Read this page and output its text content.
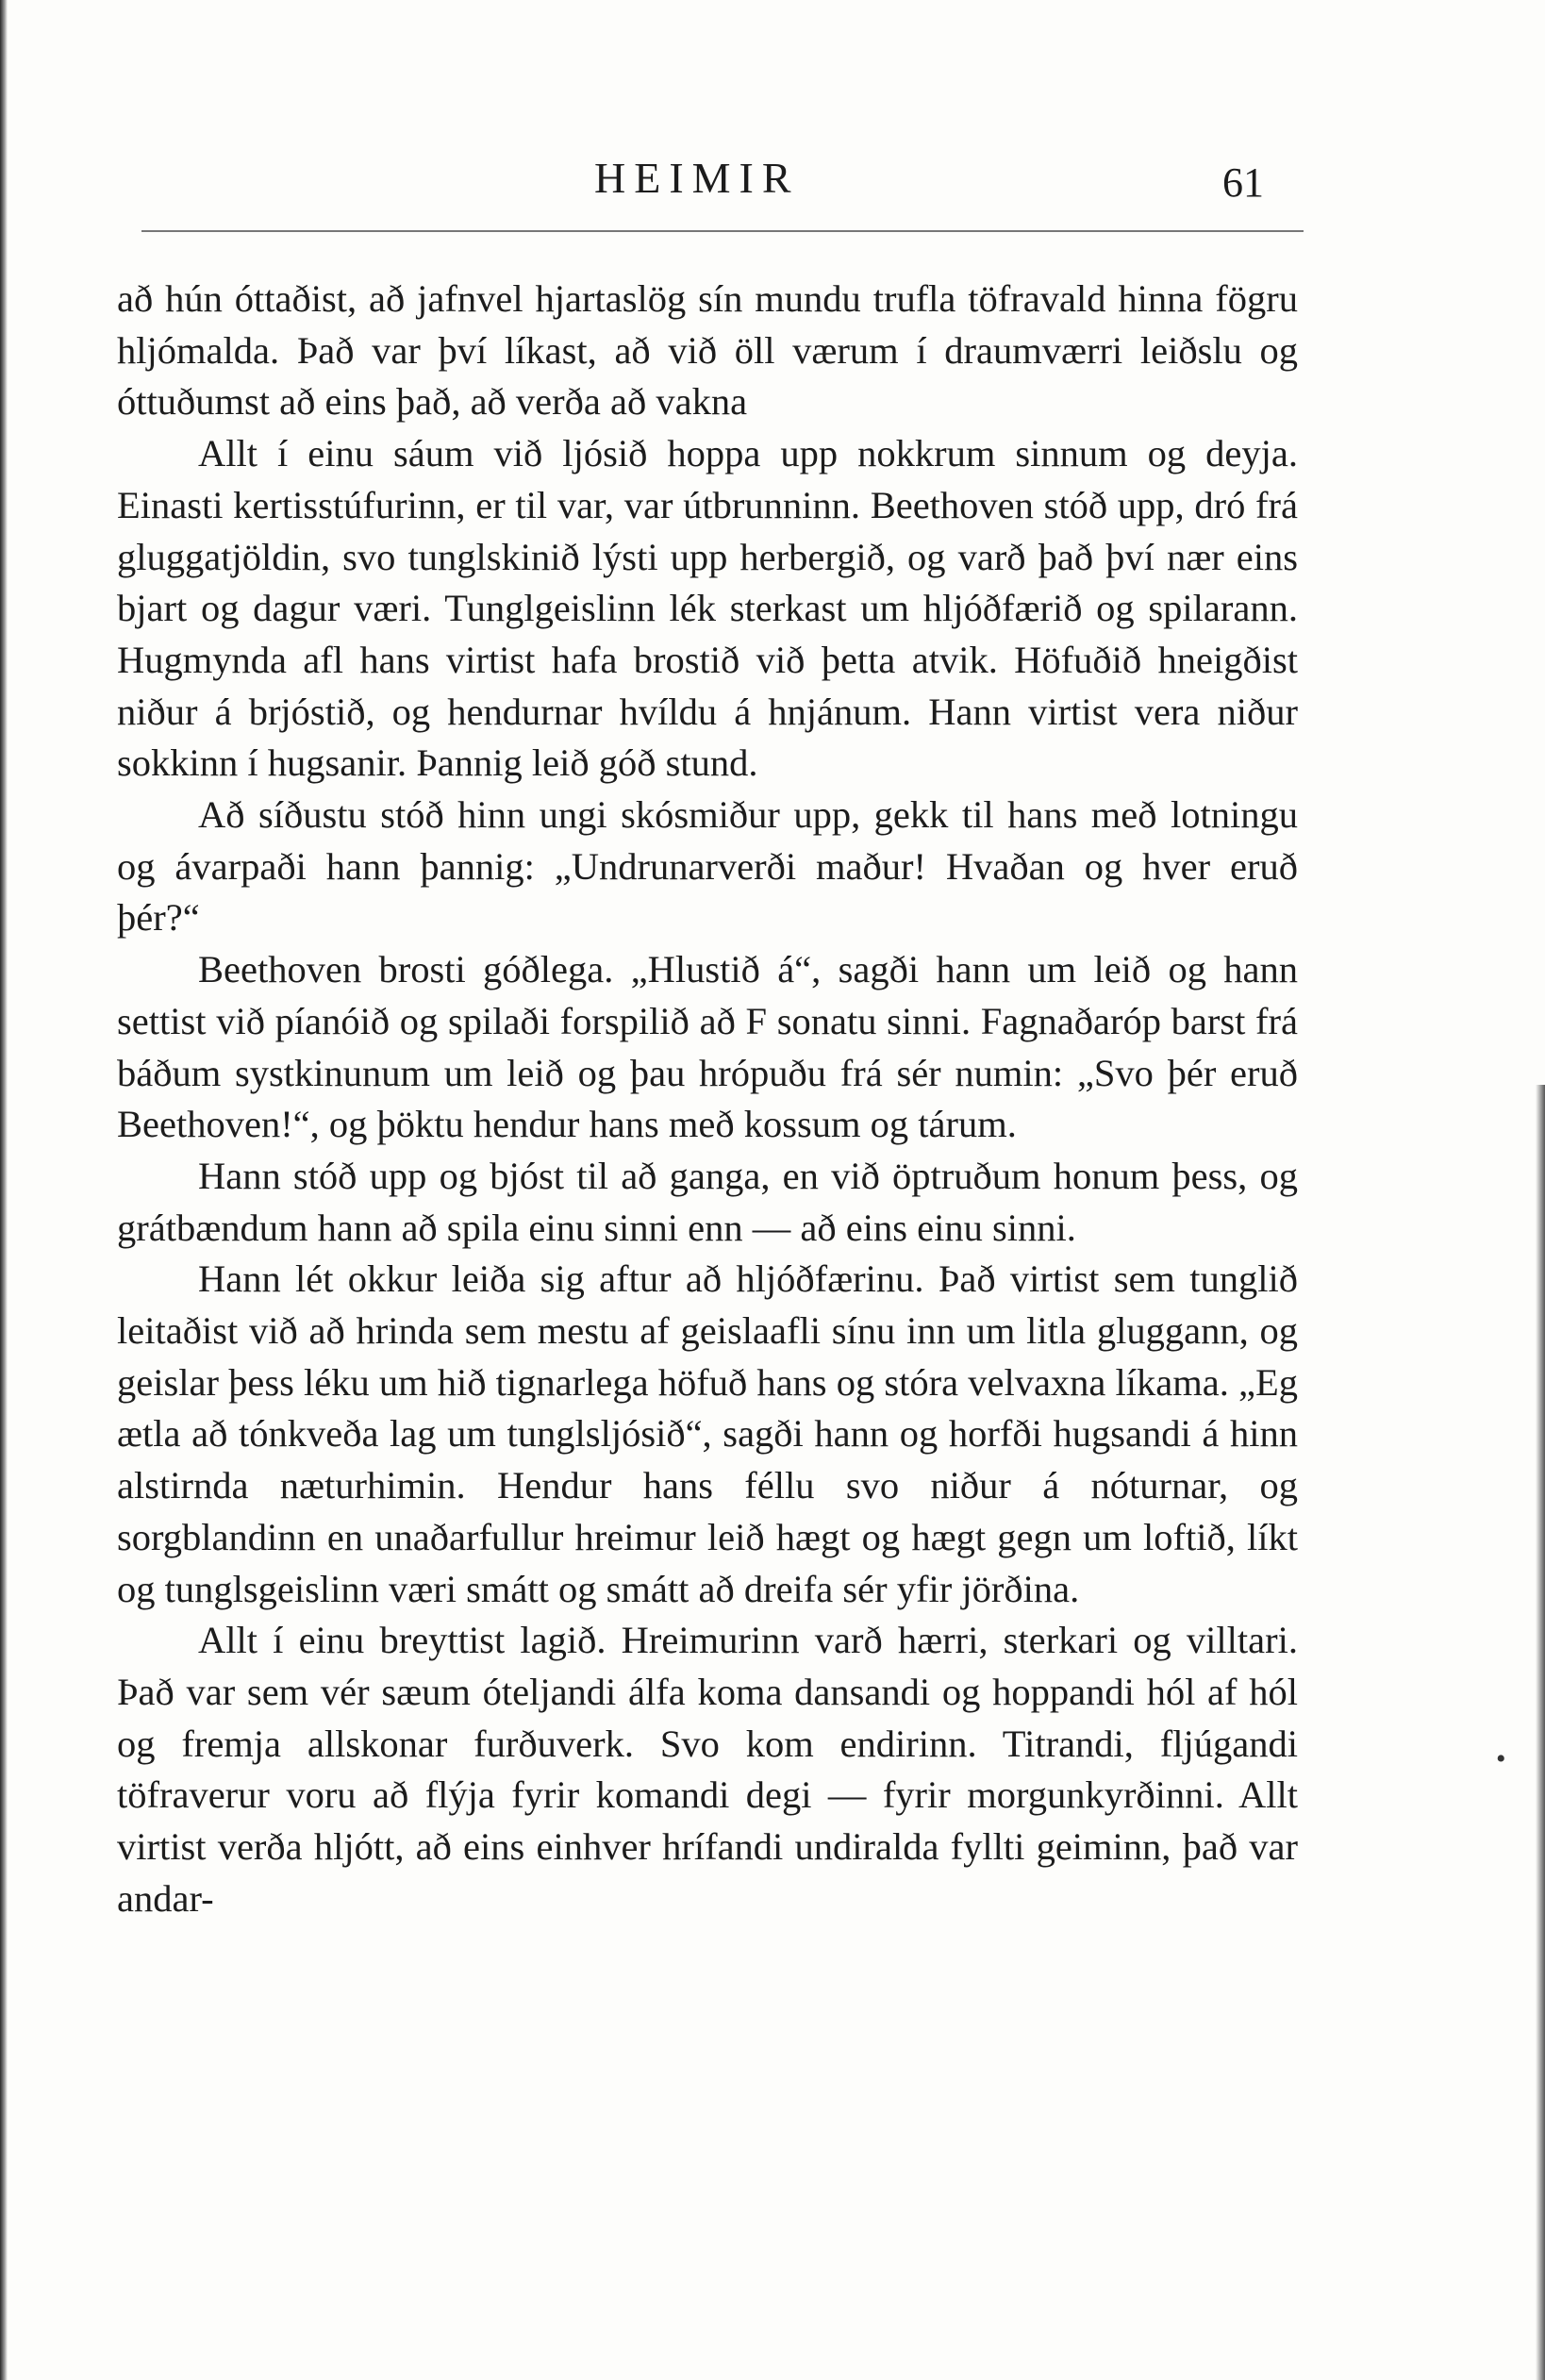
•
HEIMIR	61

að hún óttaðist, að jafnvel hjartaslög sín mundu trufla töfravald hinna fögru hljómalda. Það var því líkast, að við öll værum í draumværri leiðslu og óttuðumst að eins það, að verða að vakna

Allt í einu sáum við ljósið hoppa upp nokkrum sinnum og deyja. Einasti kertisstúfurinn, er til var, var útbrunninn. Beethoven stóð upp, dró frá gluggatjöldin, svo tunglskinið lýsti upp herbergið, og varð það því nær eins bjart og dagur væri. Tunglgeislinn lék sterkast um hljóðfærið og spilarann. Hugmynda afl hans virtist hafa brostið við þetta atvik. Höfuðið hneigðist niður á brjóstið, og hendurnar hvíldu á hnjánum. Hann virtist vera niður sokkinn í hugsanir. Þannig leið góð stund.

Að síðustu stóð hinn ungi skósmiður upp, gekk til hans með lotningu og ávarpaði hann þannig: „Undrunarverði maður! Hvaðan og hver eruð þér?“

Beethoven brosti góðlega. „Hlustið á“, sagði hann um leið og hann settist við píanóið og spilaði forspilið að F sonatu sinni. Fagnaðaróp barst frá báðum systkinunum um leið og þau hrópuðu frá sér numin: „Svo þér eruð Beethoven!“, og þöktu hendur hans með kossum og tárum.

Hann stóð upp og bjóst til að ganga, en við öptruðum honum þess, og grátbændum hann að spila einu sinni enn — að eins einu sinni.

Hann lét okkur leiða sig aftur að hljóðfærinu. Það virtist sem tunglið leitaðist við að hrinda sem mestu af geislaafli sínu inn um litla gluggann, og geislar þess léku um hið tignarlega höfuð hans og stóra velvaxna líkama. „Eg ætla að tónkveða lag um tunglsljósið“, sagði hann og horfði hugsandi á hinn alstirnda næturhimin. Hendur hans féllu svo niður á nóturnar, og sorgblandinn en unaðarfullur hreimur leið hægt og hægt gegn um loftið, líkt og tunglsgeislinn væri smátt og smátt að dreifa sér yfir jörðina.

Allt í einu breyttist lagið. Hreimurinn varð hærri, sterkari og villtari. Það var sem vér sæum óteljandi álfa koma dansandi og hoppandi hól af hól og fremja allskonar furðuverk. Svo kom endirinn. Titrandi, fljúgandi töfraverur voru að flýja fyrir komandi degi — fyrir morgunkyrðinni. Allt virtist verða hljótt, að eins einhver hrífandi undiralda fyllti geiminn, það var andar-
